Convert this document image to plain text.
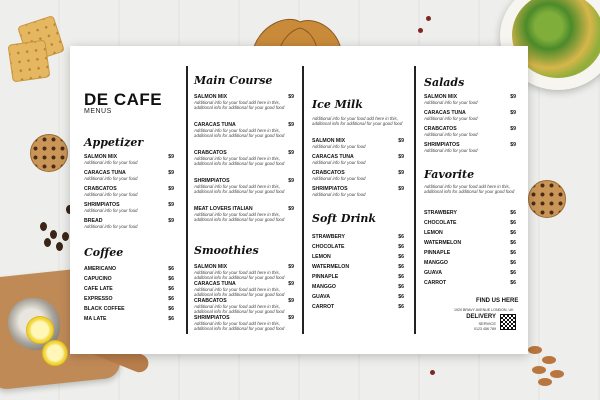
DE CAFE
MENUS
Appetizer
SALMON MIX	$9
Additional info for your food
CARACAS TUNA	$9
Additional info for your food
CRABCATOS	$9
Additional info for your food
SHRIMPIATOS	$9
Additional info for your food
BREAD	$9
Additional info for your food
Coffee
AMERICANO	$6
CAPUCINO	$6
CAFE LATE	$6
EXPRESSO	$6
BLACK COFFEE	$6
MA LATE	$6
Main Course
SALMON MIX	$9
Additional info for your food add here in this, additional info for additional for your good food
CARACAS TUNA	$9
Additional info for your food add here in this, additional info for additional for your good food
CRABCATOS	$9
Additional info for your food add here in this, additional info for additional for your good food
SHRIMPIATOS	$9
Additional info for your food add here in this, additional info for additional for your good food
MEAT LOVERS ITALIAN	$9
Additional info for your food add here in this, additional info for additional for your good food
Smoothies
SALMON MIX	$9
Additional info for your food add here in this, additional info for additional for your good food
CARACAS TUNA	$9
Additional info for your food add here in this, additional info for additional for your good food
CRABCATOS	$9
Additional info for your food add here in this, additional info for additional for your good food
SHRIMPIATOS	$9
Additional info for your food add here in this, additional info for additional for your good food
Ice Milk
Additional info for your food add here in this, additional info for additional for your good food
SALMON MIX	$9
Additional info for your food
CARACAS TUNA	$9
Additional info for your food
CRABCATOS	$9
Additional info for your food
SHRIMPIATOS	$9
Additional info for your food
Soft Drink
STRAWBERY	$6
CHOCOLATE	$6
LEMON	$6
WATERMELON	$6
PINNAPLE	$6
MANGGO	$6
GUAVA	$6
CARROT	$6
Salads
SALMON MIX	$9
Additional info for your food
CARACAS TUNA	$9
Additional info for your food
CRABCATOS	$9
Additional info for your food
SHRIMPIATOS	$9
Additional info for your food
Favorite
Additional info for your food add here in this, additional info for additional for your good food
STRAWBERY	$6
CHOCOLATE	$6
LEMON	$6
WATERMELON	$6
PINNAPLE	$6
MANGGO	$6
GUAVA	$6
CARROT	$6
FIND US HERE
1920 BRAVY AVENUE LONDON, UK
DELIVERY
SERVICE
0123 456 789
